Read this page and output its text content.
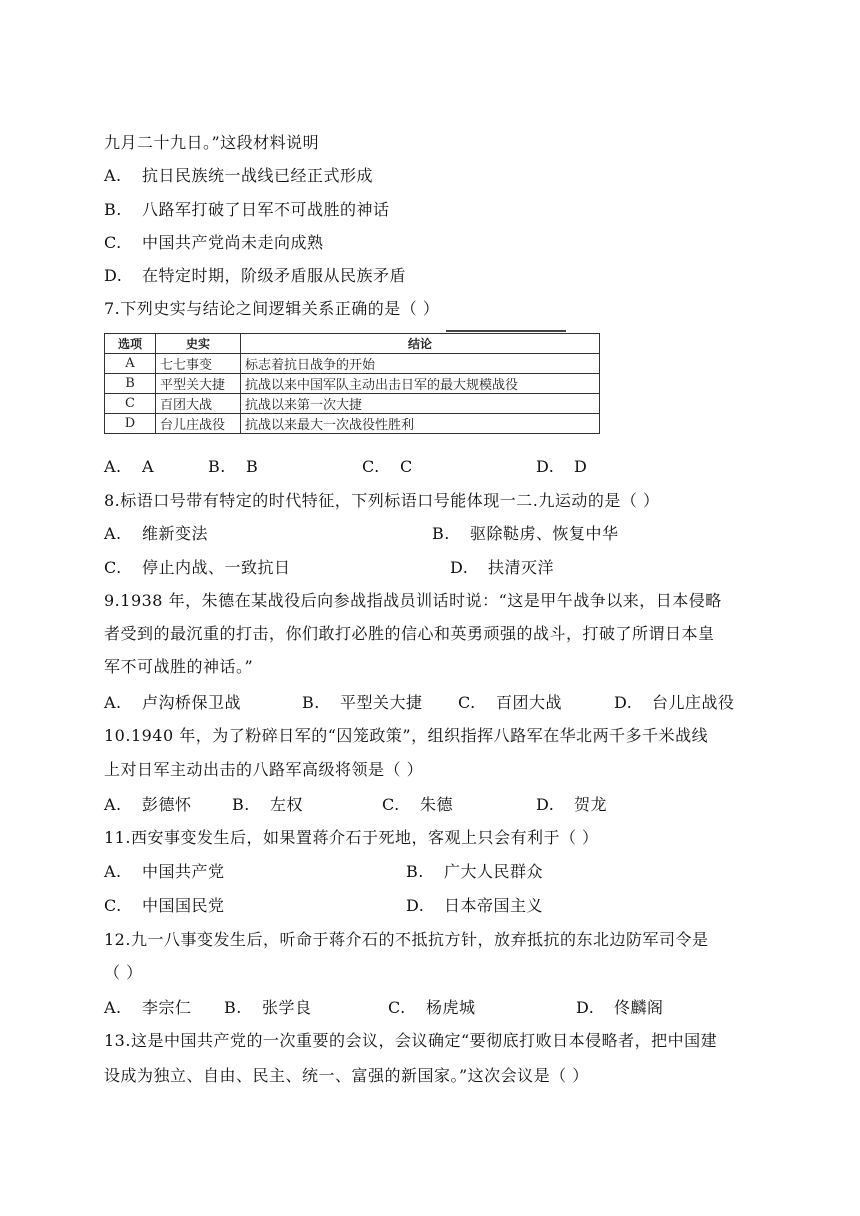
九月二十九日。”这段材料说明
A. 抗日民族统一战线已经正式形成
B. 八路军打破了日军不可战胜的神话
C. 中国共产党尚未走向成熟
D. 在特定时期，阶级矛盾服从民族矛盾
7.下列史实与结论之间逻辑关系正确的是（ ）
选项	史实	结论
A	七七事变	标志着抗日战争的开始
B	平型关大捷	抗战以来中国军队主动出击日军的最大规模战役
C	百团大战	抗战以来第一次大捷
D	台儿庄战役	抗战以来最大一次战役性胜利
A. A	B. B	C. C	D. D
8.标语口号带有特定的时代特征，下列标语口号能体现一二.九运动的是（ ）
A. 维新变法	B. 驱除鞑虏、恢复中华
C. 停止内战、一致抗日	D. 扶清灭洋
9.1938 年，朱德在某战役后向参战指战员训话时说：“这是甲午战争以来，日本侵略
者受到的最沉重的打击，你们敢打必胜的信心和英勇顽强的战斗，打破了所谓日本皇
军不可战胜的神话。”
A. 卢沟桥保卫战	B. 平型关大捷 C. 百团大战	D. 台儿庄战役
10.1940 年，为了粉碎日军的“囚笼政策”，组织指挥八路军在华北两千多千米战线
上对日军主动出击的八路军高级将领是（ ）
A. 彭德怀	B. 左权	C. 朱德	D. 贺龙
11.西安事变发生后，如果置蒋介石于死地，客观上只会有利于（ ）
A. 中国共产党	B. 广大人民群众
C. 中国国民党	D. 日本帝国主义
12.九一八事变发生后，听命于蒋介石的不抵抗方针，放弃抵抗的东北边防军司令是
（ ）
A. 李宗仁 B. 张学良	C. 杨虎城	D. 佟麟阁
13.这是中国共产党的一次重要的会议，会议确定“要彻底打败日本侵略者，把中国建
设成为独立、自由、民主、统一、富强的新国家。”这次会议是（ ）
